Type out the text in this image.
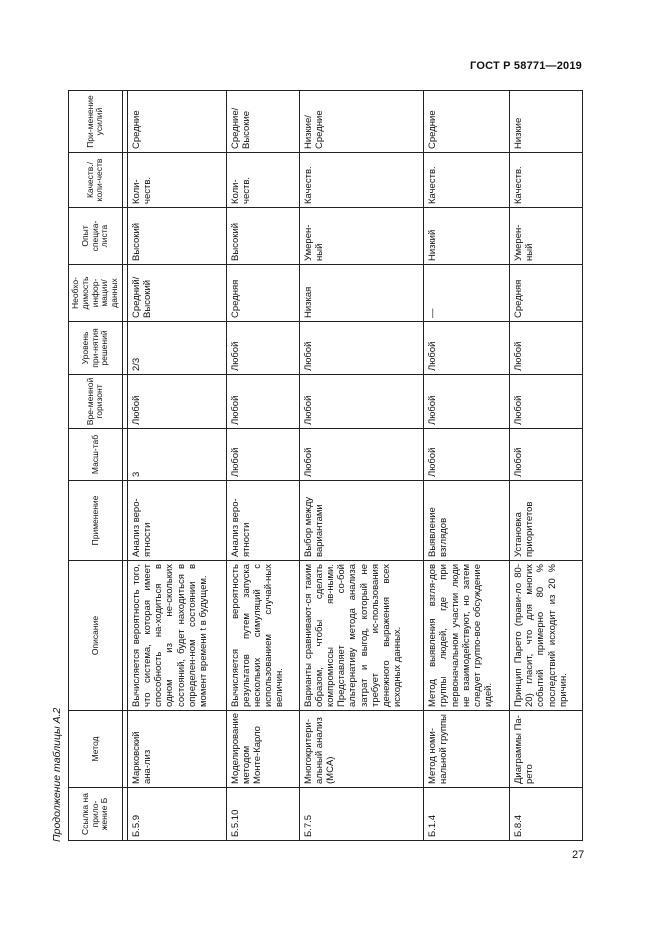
ГОСТ Р 58771—2019
Продолжение таблицы А.2	Ссылка на прило-жение Б	Метод	Описание	Применение	Масш-таб	Вре-менной горизонт	Уровень при-нятия решений	Необхо-димость инфор-мации/данных	Опыт специа-листа	Качеств./коли-честв	При-менение усилий

Б.5.9	Марковский ана-лиз	Вычисляется вероятность того, что система, которая имеет способность на-ходиться в одном из не-скольких состояний, будет находиться в определен-ном состоянии в момент времени t в будущем.	Анализ веро-ятности	3	Любой	2/3	Средний/ Высокий	Высокий	Коли-честв.	Средние
Б.5.10	Моделирование методом Монте-Карло	Вычисляется вероятность результатов путем запуска нескольких симуляций с использованием случай-ных величин.	Анализ веро-ятности	Любой	Любой	Любой	Средняя	Высокий	Коли-честв.	Средние/ Высокие
Б.7.5	Многокритери-альный анализ (MCA)	Варианты сравнивают-ся таким образом, чтобы сделать компромиссы яв-ными. Представляет со-бой альтернативу метода анализа затрат и выгод, который не требует ис-пользования денежного выражения всех исходных данных.	Выбор между вариантами	Любой	Любой	Любой	Низкая	Умерен-ный	Качеств.	Низкие/ Средние
Б.1.4	Метод номи-нальной группы	Метод выявления взгля-дов группы людей, где при первоначальном участии люди не взаимодействуют, но затем следует группо-вое обсуждение идей.	Выявление взглядов	Любой	Любой	Любой	—	Низкий	Качеств.	Средние
Б.8.4	Диаграммы Па-рето	Принцип Парето (прави-ло 80-20) гласит, что для многих событий примерно 80 % последствий исходит из 20 % причин.	Установка приоритетов	Любой	Любой	Любой	Средняя	Умерен-ный	Качеств.	Низкие
27
